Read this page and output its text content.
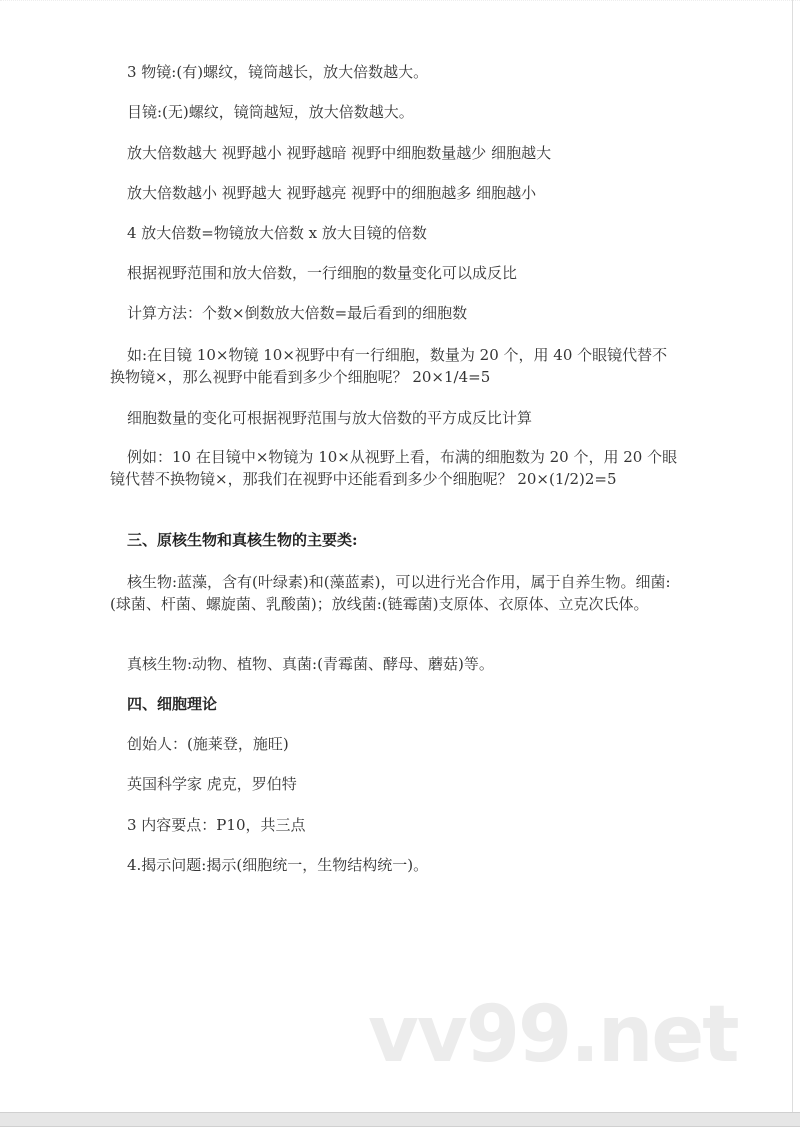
3 物镜:(有)螺纹，镜筒越长，放大倍数越大。

目镜:(无)螺纹，镜筒越短，放大倍数越大。

放大倍数越大 视野越小 视野越暗 视野中细胞数量越少 细胞越大

放大倍数越小 视野越大 视野越亮 视野中的细胞越多 细胞越小

4 放大倍数=物镜放大倍数 x 放大目镜的倍数

根据视野范围和放大倍数，一行细胞的数量变化可以成反比

计算方法：个数×倒数放大倍数=最后看到的细胞数

如:在目镜 10×物镜 10×视野中有一行细胞，数量为 20 个，用 40 个眼镜代替不换物镜×，那么视野中能看到多少个细胞呢？ 20×1/4=5

细胞数量的变化可根据视野范围与放大倍数的平方成反比计算

例如：10 在目镜中×物镜为 10×从视野上看，布满的细胞数为 20 个，用 20 个眼镜代替不换物镜×，那我们在视野中还能看到多少个细胞呢？ 20×(1/2)2=5

三、原核生物和真核生物的主要类:

核生物:蓝藻，含有(叶绿素)和(藻蓝素)，可以进行光合作用，属于自养生物。细菌:(球菌、杆菌、螺旋菌、乳酸菌)；放线菌:(链霉菌)支原体、衣原体、立克次氏体。

真核生物:动物、植物、真菌:(青霉菌、酵母、蘑菇)等。

四、细胞理论

创始人：(施莱登，施旺)

英国科学家 虎克，罗伯特

3 内容要点：P10，共三点

4.揭示问题:揭示(细胞统一，生物结构统一)。

vv99.net
